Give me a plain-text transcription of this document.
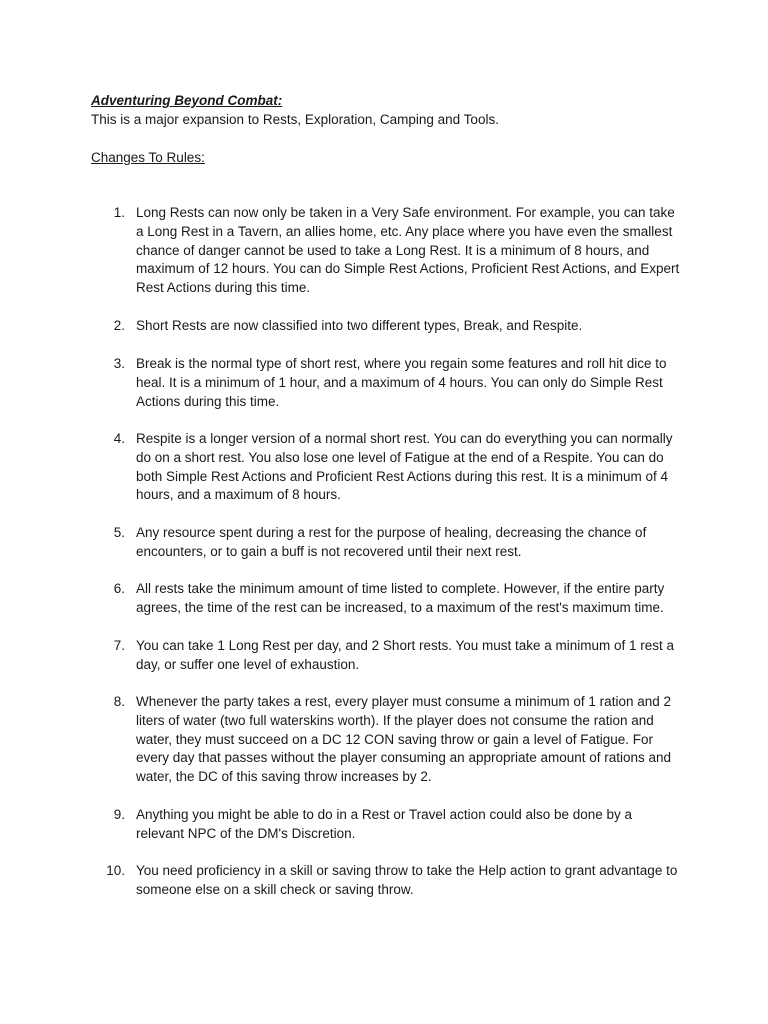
Adventuring Beyond Combat:
This is a major expansion to Rests, Exploration, Camping and Tools.
Changes To Rules:
1. Long Rests can now only be taken in a Very Safe environment. For example, you can take a Long Rest in a Tavern, an allies home, etc. Any place where you have even the smallest chance of danger cannot be used to take a Long Rest. It is a minimum of 8 hours, and maximum of 12 hours. You can do Simple Rest Actions, Proficient Rest Actions, and Expert Rest Actions during this time.
2. Short Rests are now classified into two different types, Break, and Respite.
3. Break is the normal type of short rest, where you regain some features and roll hit dice to heal. It is a minimum of 1 hour, and a maximum of 4 hours. You can only do Simple Rest Actions during this time.
4. Respite is a longer version of a normal short rest. You can do everything you can normally do on a short rest. You also lose one level of Fatigue at the end of a Respite. You can do both Simple Rest Actions and Proficient Rest Actions during this rest. It is a minimum of 4 hours, and a maximum of 8 hours.
5. Any resource spent during a rest for the purpose of healing, decreasing the chance of encounters, or to gain a buff is not recovered until their next rest.
6. All rests take the minimum amount of time listed to complete. However, if the entire party agrees, the time of the rest can be increased, to a maximum of the rest's maximum time.
7. You can take 1 Long Rest per day, and 2 Short rests. You must take a minimum of 1 rest a day, or suffer one level of exhaustion.
8. Whenever the party takes a rest, every player must consume a minimum of 1 ration and 2 liters of water (two full waterskins worth). If the player does not consume the ration and water, they must succeed on a DC 12 CON saving throw or gain a level of Fatigue. For every day that passes without the player consuming an appropriate amount of rations and water, the DC of this saving throw increases by 2.
9. Anything you might be able to do in a Rest or Travel action could also be done by a relevant NPC of the DM's Discretion.
10. You need proficiency in a skill or saving throw to take the Help action to grant advantage to someone else on a skill check or saving throw.
